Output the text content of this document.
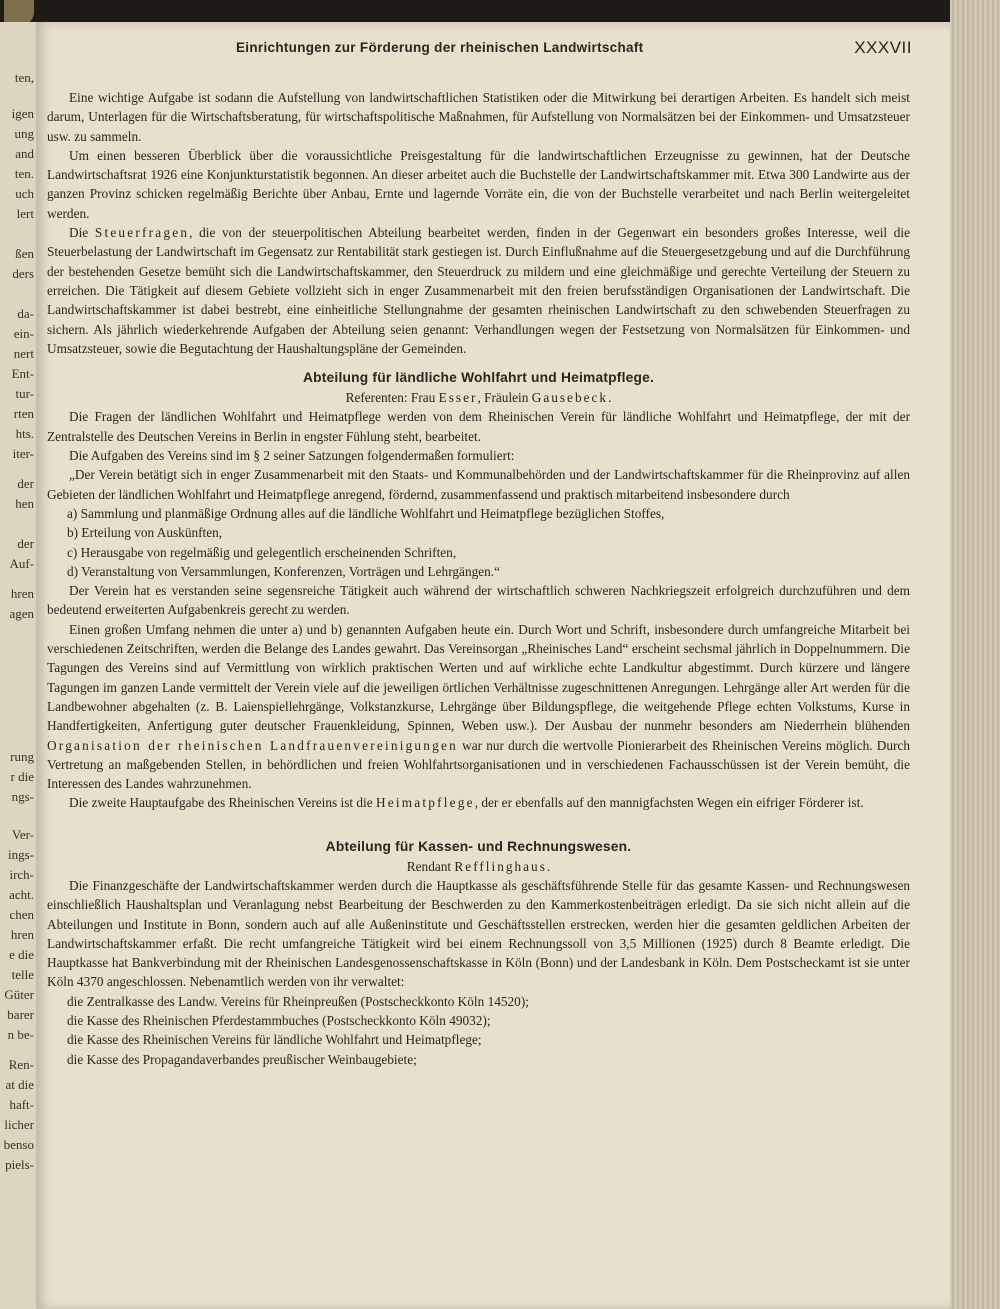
ten,
igen
ung
and
ten.
uch
lert
ßen
ders
da-
ein-
nert
Ent-
tur-
rten
hts.
iter-
der
hen
der
Auf-
hren
agen
rung
r die
ngs-
Ver-
ings-
irch-
acht.
chen
hren
e die
telle
Güter
barer
n be-
Ren-
at die
haft-
licher
benso
piels-
Einrichtungen zur Förderung der rheinischen Landwirtschaft	XXXVII

Eine wichtige Aufgabe ist sodann die Aufstellung von landwirtschaftlichen Statistiken oder die Mitwirkung bei derartigen Arbeiten. Es handelt sich meist darum, Unterlagen für die Wirtschaftsberatung, für wirtschaftspolitische Maßnahmen, für Aufstellung von Normalsätzen bei der Einkommen- und Umsatzsteuer usw. zu sammeln.

Um einen besseren Überblick über die voraussichtliche Preisgestaltung für die landwirtschaftlichen Erzeugnisse zu gewinnen, hat der Deutsche Landwirtschaftsrat 1926 eine Konjunkturstatistik begonnen. An dieser arbeitet auch die Buchstelle der Landwirtschaftskammer mit. Etwa 300 Landwirte aus der ganzen Provinz schicken regelmäßig Berichte über Anbau, Ernte und lagernde Vorräte ein, die von der Buchstelle verarbeitet und nach Berlin weitergeleitet werden.

Die Steuerfragen, die von der steuerpolitischen Abteilung bearbeitet werden, finden in der Gegenwart ein besonders großes Interesse, weil die Steuerbelastung der Landwirtschaft im Gegensatz zur Rentabilität stark gestiegen ist. Durch Einflußnahme auf die Steuergesetzgebung und auf die Durchführung der bestehenden Gesetze bemüht sich die Landwirtschaftskammer, den Steuerdruck zu mildern und eine gleichmäßige und gerechte Verteilung der Steuern zu erreichen. Die Tätigkeit auf diesem Gebiete vollzieht sich in enger Zusammenarbeit mit den freien berufsständigen Organisationen der Landwirtschaft. Die Landwirtschaftskammer ist dabei bestrebt, eine einheitliche Stellungnahme der gesamten rheinischen Landwirtschaft zu den schwebenden Steuerfragen zu sichern. Als jährlich wiederkehrende Aufgaben der Abteilung seien genannt: Verhandlungen wegen der Festsetzung von Normalsätzen für Einkommen- und Umsatzsteuer, sowie die Begutachtung der Haushaltungspläne der Gemeinden.

Abteilung für ländliche Wohlfahrt und Heimatpflege.

Referenten: Frau Esser, Fräulein Gausebeck.

Die Fragen der ländlichen Wohlfahrt und Heimatpflege werden von dem Rheinischen Verein für ländliche Wohlfahrt und Heimatpflege, der mit der Zentralstelle des Deutschen Vereins in Berlin in engster Fühlung steht, bearbeitet.

Die Aufgaben des Vereins sind im § 2 seiner Satzungen folgendermaßen formuliert:

„Der Verein betätigt sich in enger Zusammenarbeit mit den Staats- und Kommunalbehörden und der Landwirtschaftskammer für die Rheinprovinz auf allen Gebieten der ländlichen Wohlfahrt und Heimatpflege anregend, fördernd, zusammenfassend und praktisch mitarbeitend insbesondere durch

a) Sammlung und planmäßige Ordnung alles auf die ländliche Wohlfahrt und Heimatpflege bezüglichen Stoffes,

b) Erteilung von Auskünften,

c) Herausgabe von regelmäßig und gelegentlich erscheinenden Schriften,

d) Veranstaltung von Versammlungen, Konferenzen, Vorträgen und Lehrgängen.“

Der Verein hat es verstanden seine segensreiche Tätigkeit auch während der wirtschaftlich schweren Nachkriegszeit erfolgreich durchzuführen und dem bedeutend erweiterten Aufgabenkreis gerecht zu werden.

Einen großen Umfang nehmen die unter a) und b) genannten Aufgaben heute ein. Durch Wort und Schrift, insbesondere durch umfangreiche Mitarbeit bei verschiedenen Zeitschriften, werden die Belange des Landes gewahrt. Das Vereinsorgan „Rheinisches Land“ erscheint sechsmal jährlich in Doppelnummern. Die Tagungen des Vereins sind auf Vermittlung von wirklich praktischen Werten und auf wirkliche echte Landkultur abgestimmt. Durch kürzere und längere Tagungen im ganzen Lande vermittelt der Verein viele auf die jeweiligen örtlichen Verhältnisse zugeschnittenen Anregungen. Lehrgänge aller Art werden für die Landbewohner abgehalten (z. B. Laienspiellehrgänge, Volkstanzkurse, Lehrgänge über Bildungspflege, die weitgehende Pflege echten Volkstums, Kurse in Handfertigkeiten, Anfertigung guter deutscher Frauenkleidung, Spinnen, Weben usw.). Der Ausbau der nunmehr besonders am Niederrhein blühenden Organisation der rheinischen Landfrauenvereinigungen war nur durch die wertvolle Pionierarbeit des Rheinischen Vereins möglich. Durch Vertretung an maßgebenden Stellen, in behördlichen und freien Wohlfahrtsorganisationen und in verschiedenen Fachausschüssen ist der Verein bemüht, die Interessen des Landes wahrzunehmen.

Die zweite Hauptaufgabe des Rheinischen Vereins ist die Heimatpflege, der er ebenfalls auf den mannigfachsten Wegen ein eifriger Förderer ist.

Abteilung für Kassen- und Rechnungswesen.

Rendant Refflinghaus.

Die Finanzgeschäfte der Landwirtschaftskammer werden durch die Hauptkasse als geschäftsführende Stelle für das gesamte Kassen- und Rechnungswesen einschließlich Haushaltsplan und Veranlagung nebst Bearbeitung der Beschwerden zu den Kammerkostenbeiträgen erledigt. Da sie sich nicht allein auf die Abteilungen und Institute in Bonn, sondern auch auf alle Außeninstitute und Geschäftsstellen erstrecken, werden hier die gesamten geldlichen Arbeiten der Landwirtschaftskammer erfaßt. Die recht umfangreiche Tätigkeit wird bei einem Rechnungssoll von 3,5 Millionen (1925) durch 8 Beamte erledigt. Die Hauptkasse hat Bankverbindung mit der Rheinischen Landesgenossenschaftskasse in Köln (Bonn) und der Landesbank in Köln. Dem Postscheckamt ist sie unter Köln 4370 angeschlossen. Nebenamtlich werden von ihr verwaltet:

die Zentralkasse des Landw. Vereins für Rheinpreußen (Postscheckkonto Köln 14520);

die Kasse des Rheinischen Pferdestammbuches (Postscheckkonto Köln 49032);

die Kasse des Rheinischen Vereins für ländliche Wohlfahrt und Heimatpflege;

die Kasse des Propagandaverbandes preußischer Weinbaugebiete;
